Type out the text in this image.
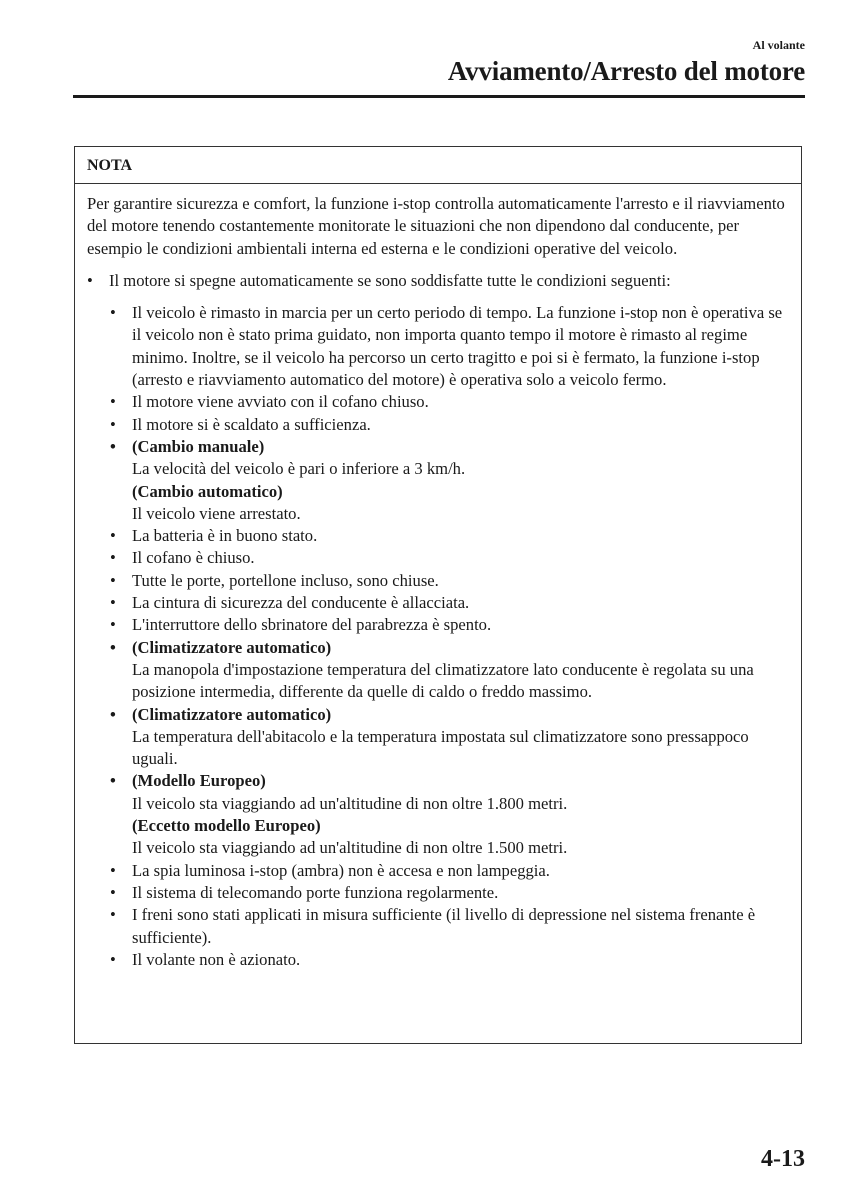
Al volante
Avviamento/Arresto del motore
NOTA

Per garantire sicurezza e comfort, la funzione i-stop controlla automaticamente l'arresto e il riavviamento del motore tenendo costantemente monitorate le situazioni che non dipendono dal conducente, per esempio le condizioni ambientali interna ed esterna e le condizioni operative del veicolo.

• Il motore si spegne automaticamente se sono soddisfatte tutte le condizioni seguenti:
• Il veicolo è rimasto in marcia per un certo periodo di tempo. La funzione i-stop non è operativa se il veicolo non è stato prima guidato, non importa quanto tempo il motore è rimasto al regime minimo. Inoltre, se il veicolo ha percorso un certo tragitto e poi si è fermato, la funzione i-stop (arresto e riavviamento automatico del motore) è operativa solo a veicolo fermo.
• Il motore viene avviato con il cofano chiuso.
• Il motore si è scaldato a sufficienza.
• (Cambio manuale)
La velocità del veicolo è pari o inferiore a 3 km/h.
(Cambio automatico)
Il veicolo viene arrestato.
• La batteria è in buono stato.
• Il cofano è chiuso.
• Tutte le porte, portellone incluso, sono chiuse.
• La cintura di sicurezza del conducente è allacciata.
• L'interruttore dello sbrinatore del parabrezza è spento.
• (Climatizzatore automatico)
La manopola d'impostazione temperatura del climatizzatore lato conducente è regolata su una posizione intermedia, differente da quelle di caldo o freddo massimo.
• (Climatizzatore automatico)
La temperatura dell'abitacolo e la temperatura impostata sul climatizzatore sono pressappoco uguali.
• (Modello Europeo)
Il veicolo sta viaggiando ad un'altitudine di non oltre 1.800 metri.
(Eccetto modello Europeo)
Il veicolo sta viaggiando ad un'altitudine di non oltre 1.500 metri.
• La spia luminosa i-stop (ambra) non è accesa e non lampeggia.
• Il sistema di telecomando porte funziona regolarmente.
• I freni sono stati applicati in misura sufficiente (il livello di depressione nel sistema frenante è sufficiente).
• Il volante non è azionato.
4-13
